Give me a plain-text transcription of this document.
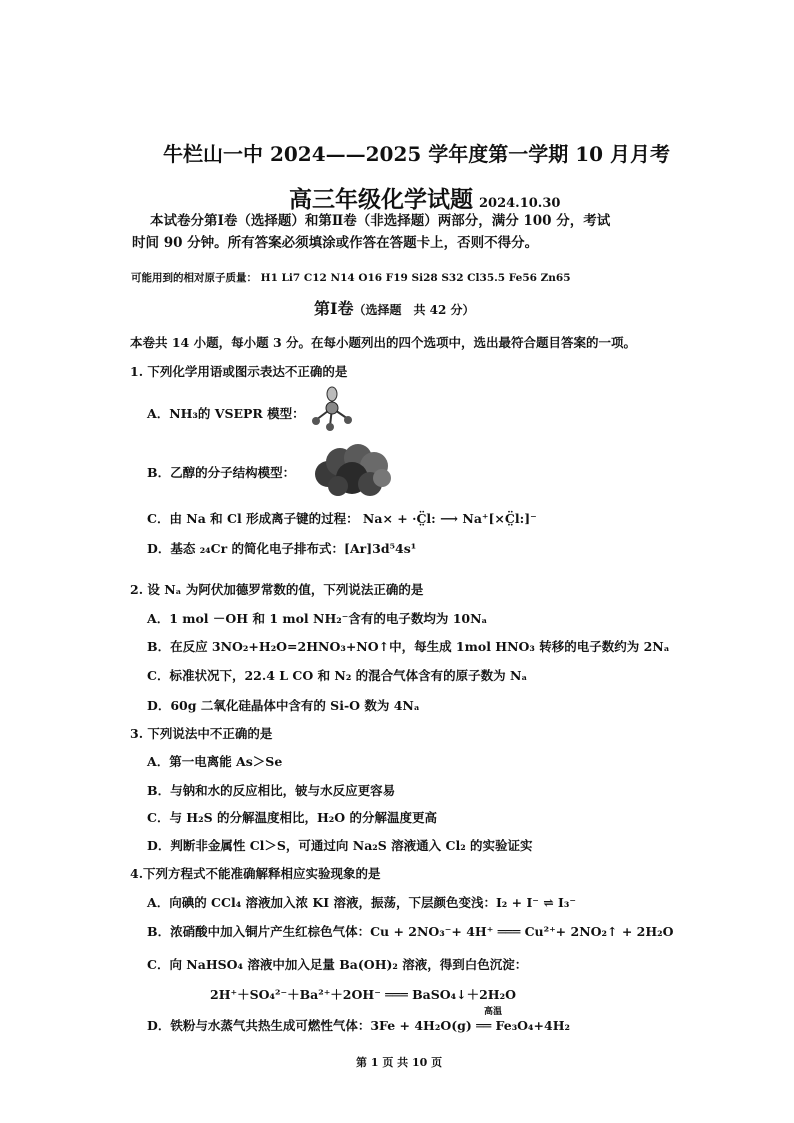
牛栏山一中 2024——2025 学年度第一学期 10 月月考
高三年级化学试题 2024.10.30
本试卷分第Ⅰ卷（选择题）和第Ⅱ卷（非选择题）两部分，满分 100 分，考试
时间 90 分钟。所有答案必须填涂或作答在答题卡上，否则不得分。
可能用到的相对原子质量： H1 Li7 C12 N14 O16 F19 Si28 S32 Cl35.5 Fe56 Zn65
第Ⅰ卷（选择题　共 42 分）
本卷共 14 小题，每小题 3 分。在每小题列出的四个选项中，选出最符合题目答案的一项。
1. 下列化学用语或图示表达不正确的是
A．NH₃的 VSEPR 模型：
B．乙醇的分子结构模型：
C．由 Na 和 Cl 形成离子键的过程： Na× + ·C̤̈l: ⟶ Na⁺[×C̤̈l:]⁻
D．基态 ₂₄Cr 的简化电子排布式：[Ar]3d⁵4s¹
2. 设 Nₐ 为阿伏加德罗常数的值，下列说法正确的是
A．1 mol －OH 和 1 mol NH₂⁻含有的电子数均为 10Nₐ
B．在反应 3NO₂+H₂O=2HNO₃+NO↑中，每生成 1mol HNO₃ 转移的电子数约为 2Nₐ
C．标准状况下，22.4 L CO 和 N₂ 的混合气体含有的原子数为 Nₐ
D．60g 二氧化硅晶体中含有的 Si-O 数为 4Nₐ
3. 下列说法中不正确的是
A．第一电离能 As＞Se
B．与钠和水的反应相比，铍与水反应更容易
C．与 H₂S 的分解温度相比，H₂O 的分解温度更高
D．判断非金属性 Cl＞S，可通过向 Na₂S 溶液通入 Cl₂ 的实验证实
4.下列方程式不能准确解释相应实验现象的是
A．向碘的 CCl₄ 溶液加入浓 KI 溶液，振荡，下层颜色变浅：I₂ + I⁻ ⇌ I₃⁻
B．浓硝酸中加入铜片产生红棕色气体：Cu + 2NO₃⁻+ 4H⁺ ═══ Cu²⁺+ 2NO₂↑ + 2H₂O
C．向 NaHSO₄ 溶液中加入足量 Ba(OH)₂ 溶液，得到白色沉淀：
2H⁺＋SO₄²⁻＋Ba²⁺＋2OH⁻ ═══ BaSO₄↓＋2H₂O
高温
D．铁粉与水蒸气共热生成可燃性气体：3Fe + 4H₂O(g) ══ Fe₃O₄+4H₂
第 1 页 共 10 页
